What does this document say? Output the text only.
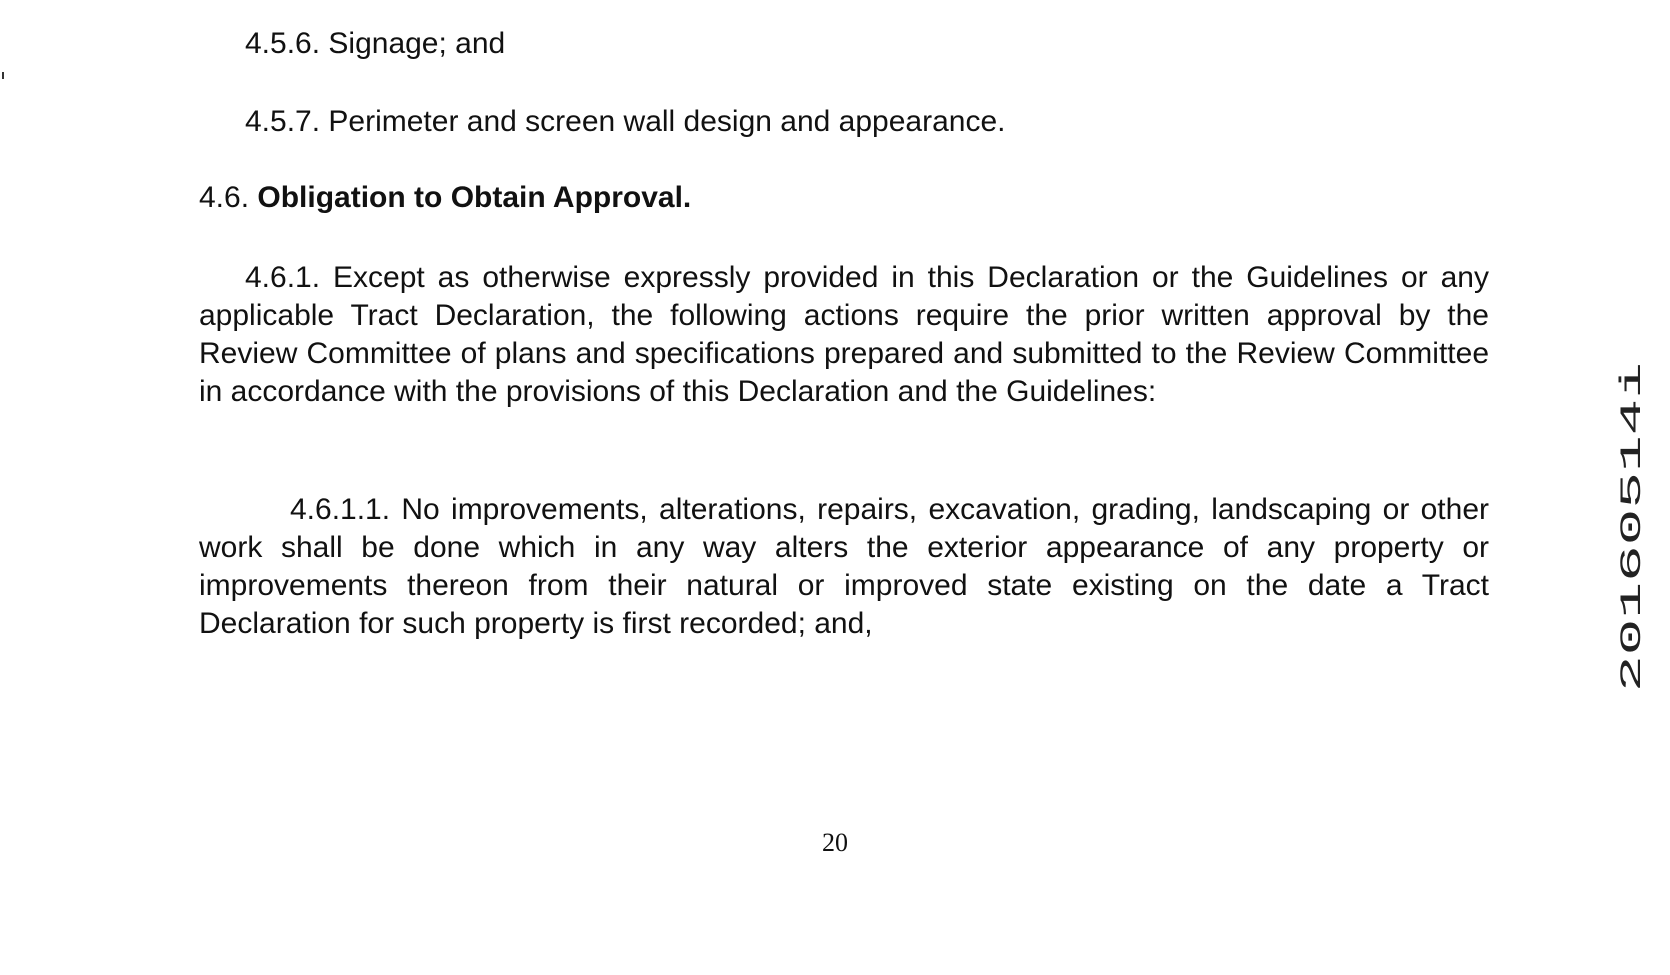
4.5.6. Signage; and
4.5.7. Perimeter and screen wall design and appearance.
4.6. Obligation to Obtain Approval.
4.6.1. Except as otherwise expressly provided in this Declaration or the Guidelines or any applicable Tract Declaration, the following actions require the prior written approval by the Review Committee of plans and specifications prepared and submitted to the Review Committee in accordance with the provisions of this Declaration and the Guidelines:
4.6.1.1. No improvements, alterations, repairs, excavation, grading, landscaping or other work shall be done which in any way alters the exterior appearance of any property or improvements thereon from their natural or improved state existing on the date a Tract Declaration for such property is first recorded; and,
20
20160514i
